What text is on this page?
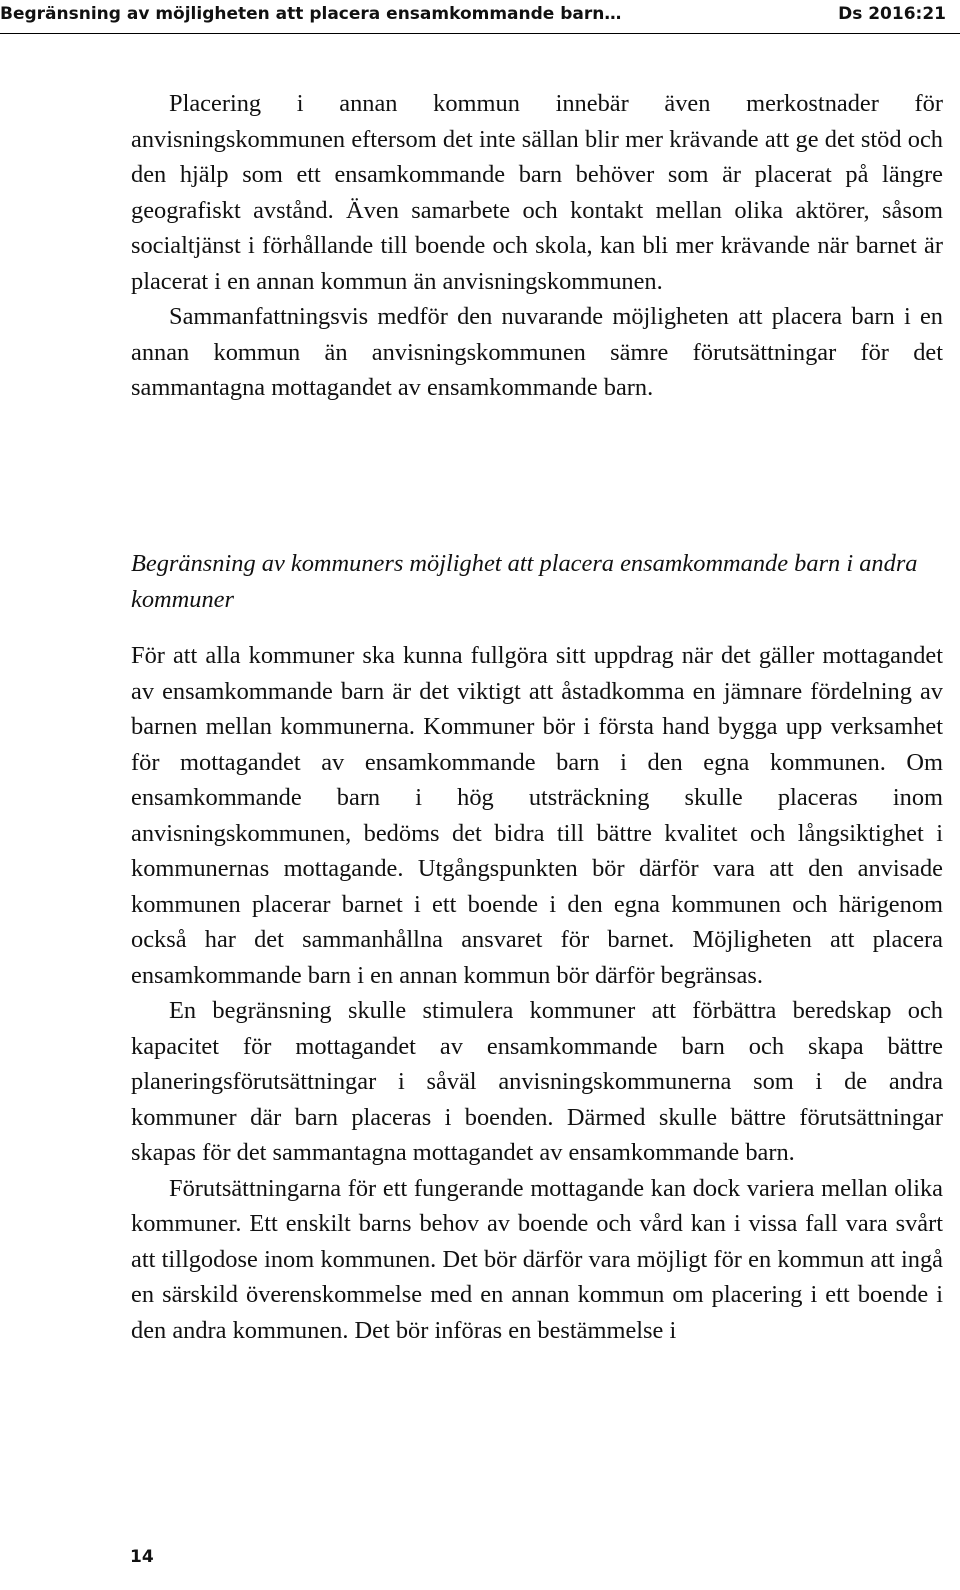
Begränsning av möjligheten att placera ensamkommande barn…	Ds 2016:21

Placering i annan kommun innebär även merkostnader för anvisningskommunen eftersom det inte sällan blir mer krävande att ge det stöd och den hjälp som ett ensamkommande barn behöver som är placerat på längre geografiskt avstånd. Även samarbete och kontakt mellan olika aktörer, såsom socialtjänst i förhållande till boende och skola, kan bli mer krävande när barnet är placerat i en annan kommun än anvisningskommunen.

Sammanfattningsvis medför den nuvarande möjligheten att placera barn i en annan kommun än anvisningskommunen sämre förutsättningar för det sammantagna mottagandet av ensamkommande barn.

Begränsning av kommuners möjlighet att placera ensamkommande barn i andra kommuner

För att alla kommuner ska kunna fullgöra sitt uppdrag när det gäller mottagandet av ensamkommande barn är det viktigt att åstadkomma en jämnare fördelning av barnen mellan kommunerna. Kommuner bör i första hand bygga upp verksamhet för mottagandet av ensamkommande barn i den egna kommunen. Om ensamkommande barn i hög utsträckning skulle placeras inom anvisningskommunen, bedöms det bidra till bättre kvalitet och långsiktighet i kommunernas mottagande. Utgångspunkten bör därför vara att den anvisade kommunen placerar barnet i ett boende i den egna kommunen och härigenom också har det sammanhållna ansvaret för barnet. Möjligheten att placera ensamkommande barn i en annan kommun bör därför begränsas.

En begränsning skulle stimulera kommuner att förbättra beredskap och kapacitet för mottagandet av ensamkommande barn och skapa bättre planeringsförutsättningar i såväl anvisningskommunerna som i de andra kommuner där barn placeras i boenden. Därmed skulle bättre förutsättningar skapas för det sammantagna mottagandet av ensamkommande barn.

Förutsättningarna för ett fungerande mottagande kan dock variera mellan olika kommuner. Ett enskilt barns behov av boende och vård kan i vissa fall vara svårt att tillgodose inom kommunen. Det bör därför vara möjligt för en kommun att ingå en särskild överenskommelse med en annan kommun om placering i ett boende i den andra kommunen. Det bör införas en bestämmelse i

14
